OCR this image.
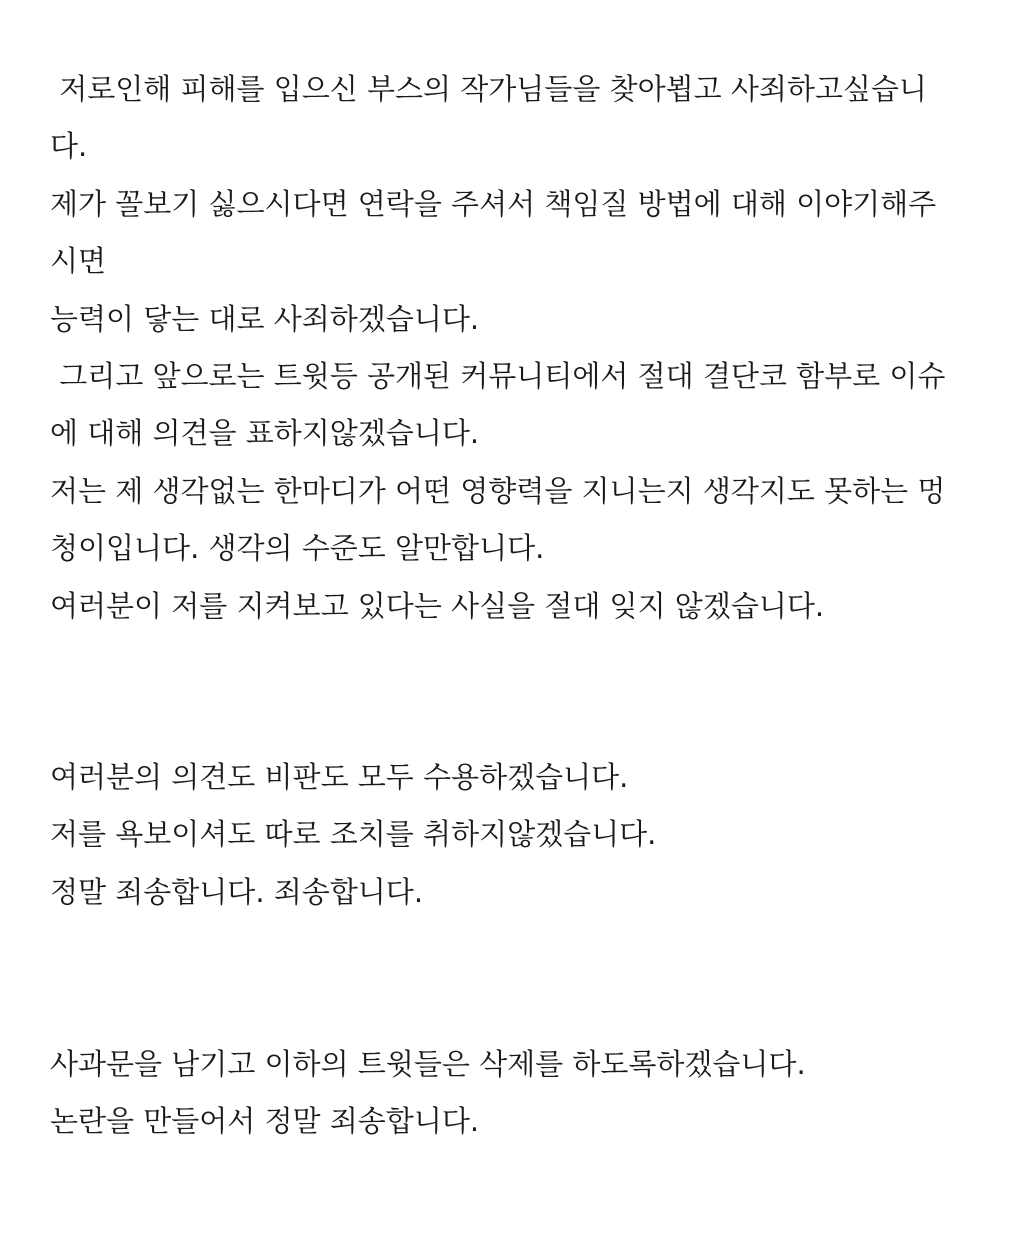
저로인해 피해를 입으신 부스의 작가님들을 찾아뵙고 사죄하고싶습니
다.
제가 꼴보기 싫으시다면 연락을 주셔서 책임질 방법에 대해 이야기해주
시면
능력이 닿는 대로 사죄하겠습니다.
그리고 앞으로는 트윗등 공개된 커뮤니티에서 절대 결단코 함부로 이슈
에 대해 의견을 표하지않겠습니다.
저는 제 생각없는 한마디가 어떤 영향력을 지니는지 생각지도 못하는 멍
청이입니다. 생각의 수준도 알만합니다.
여러분이 저를 지켜보고 있다는 사실을 절대 잊지 않겠습니다.
여러분의 의견도 비판도 모두 수용하겠습니다.
저를 욕보이셔도 따로 조치를 취하지않겠습니다.
정말 죄송합니다. 죄송합니다.
사과문을 남기고 이하의 트윗들은 삭제를 하도록하겠습니다.
논란을 만들어서 정말 죄송합니다.
